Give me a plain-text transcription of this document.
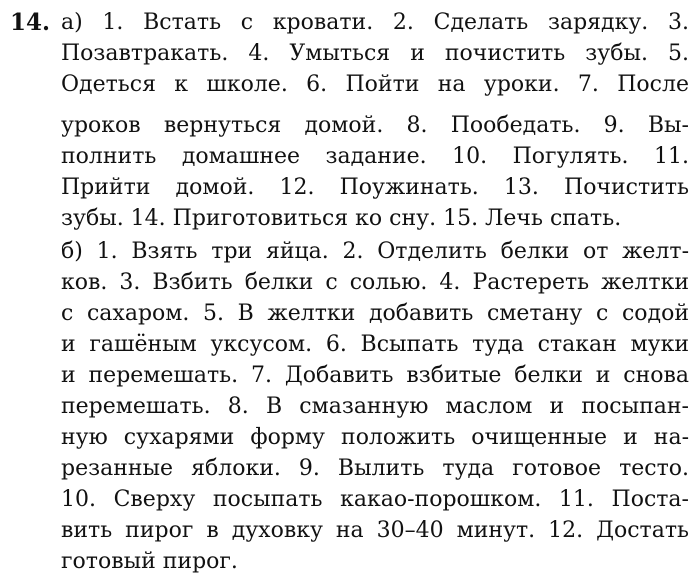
14. а) 1. Встать с кровати. 2. Сделать зарядку. 3.
Позавтракать. 4. Умыться и почистить зубы. 5.
Одеться к школе. 6. Пойти на уроки. 7. После
уроков вернуться домой. 8. Пообедать. 9. Вы-
полнить домашнее задание. 10. Погулять. 11.
Прийти домой. 12. Поужинать. 13. Почистить
зубы. 14. Приготовиться ко сну. 15. Лечь спать.
б) 1. Взять три яйца. 2. Отделить белки от желт-
ков. 3. Взбить белки с солью. 4. Растереть желтки
с сахаром. 5. В желтки добавить сметану с содой
и гашёным уксусом. 6. Всыпать туда стакан муки
и перемешать. 7. Добавить взбитые белки и снова
перемешать. 8. В смазанную маслом и посыпан-
ную сухарями форму положить очищенные и на-
резанные яблоки. 9. Вылить туда готовое тесто.
10. Сверху посыпать какао-порошком. 11. Поста-
вить пирог в духовку на 30–40 минут. 12. Достать
готовый пирог.
